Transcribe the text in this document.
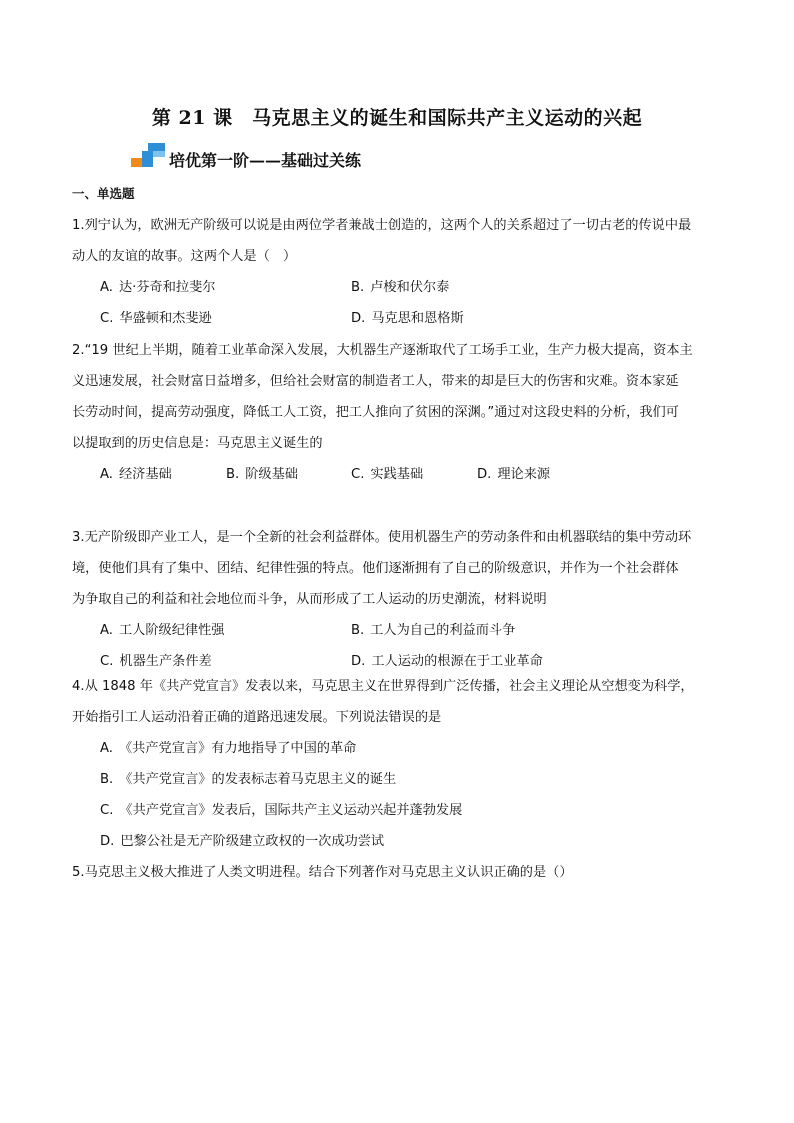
第 21 课　马克思主义的诞生和国际共产主义运动的兴起
培优第一阶——基础过关练
一、单选题
1.列宁认为，欧洲无产阶级可以说是由两位学者兼战士创造的，这两个人的关系超过了一切古老的传说中最
动人的友谊的故事。这两个人是（　）
A. 达·芬奇和拉斐尔	B. 卢梭和伏尔泰
C. 华盛顿和杰斐逊	D. 马克思和恩格斯
2.“19 世纪上半期，随着工业革命深入发展，大机器生产逐渐取代了工场手工业，生产力极大提高，资本主
义迅速发展，社会财富日益增多，但给社会财富的制造者工人，带来的却是巨大的伤害和灾难。资本家延
长劳动时间，提高劳动强度，降低工人工资，把工人推向了贫困的深渊。”通过对这段史料的分析，我们可
以提取到的历史信息是：马克思主义诞生的
A. 经济基础	B. 阶级基础	C. 实践基础	D. 理论来源
3.无产阶级即产业工人，是一个全新的社会利益群体。使用机器生产的劳动条件和由机器联结的集中劳动环
境，使他们具有了集中、团结、纪律性强的特点。他们逐渐拥有了自己的阶级意识，并作为一个社会群体
为争取自己的利益和社会地位而斗争，从而形成了工人运动的历史潮流，材料说明
A. 工人阶级纪律性强	B. 工人为自己的利益而斗争
C. 机器生产条件差	D. 工人运动的根源在于工业革命
4.从 1848 年《共产党宣言》发表以来，马克思主义在世界得到广泛传播，社会主义理论从空想变为科学，
开始指引工人运动沿着正确的道路迅速发展。下列说法错误的是
A. 《共产党宣言》有力地指导了中国的革命
B. 《共产党宣言》的发表标志着马克思主义的诞生
C. 《共产党宣言》发表后，国际共产主义运动兴起并蓬勃发展
D. 巴黎公社是无产阶级建立政权的一次成功尝试
5.马克思主义极大推进了人类文明进程。结合下列著作对马克思主义认识正确的是（）
